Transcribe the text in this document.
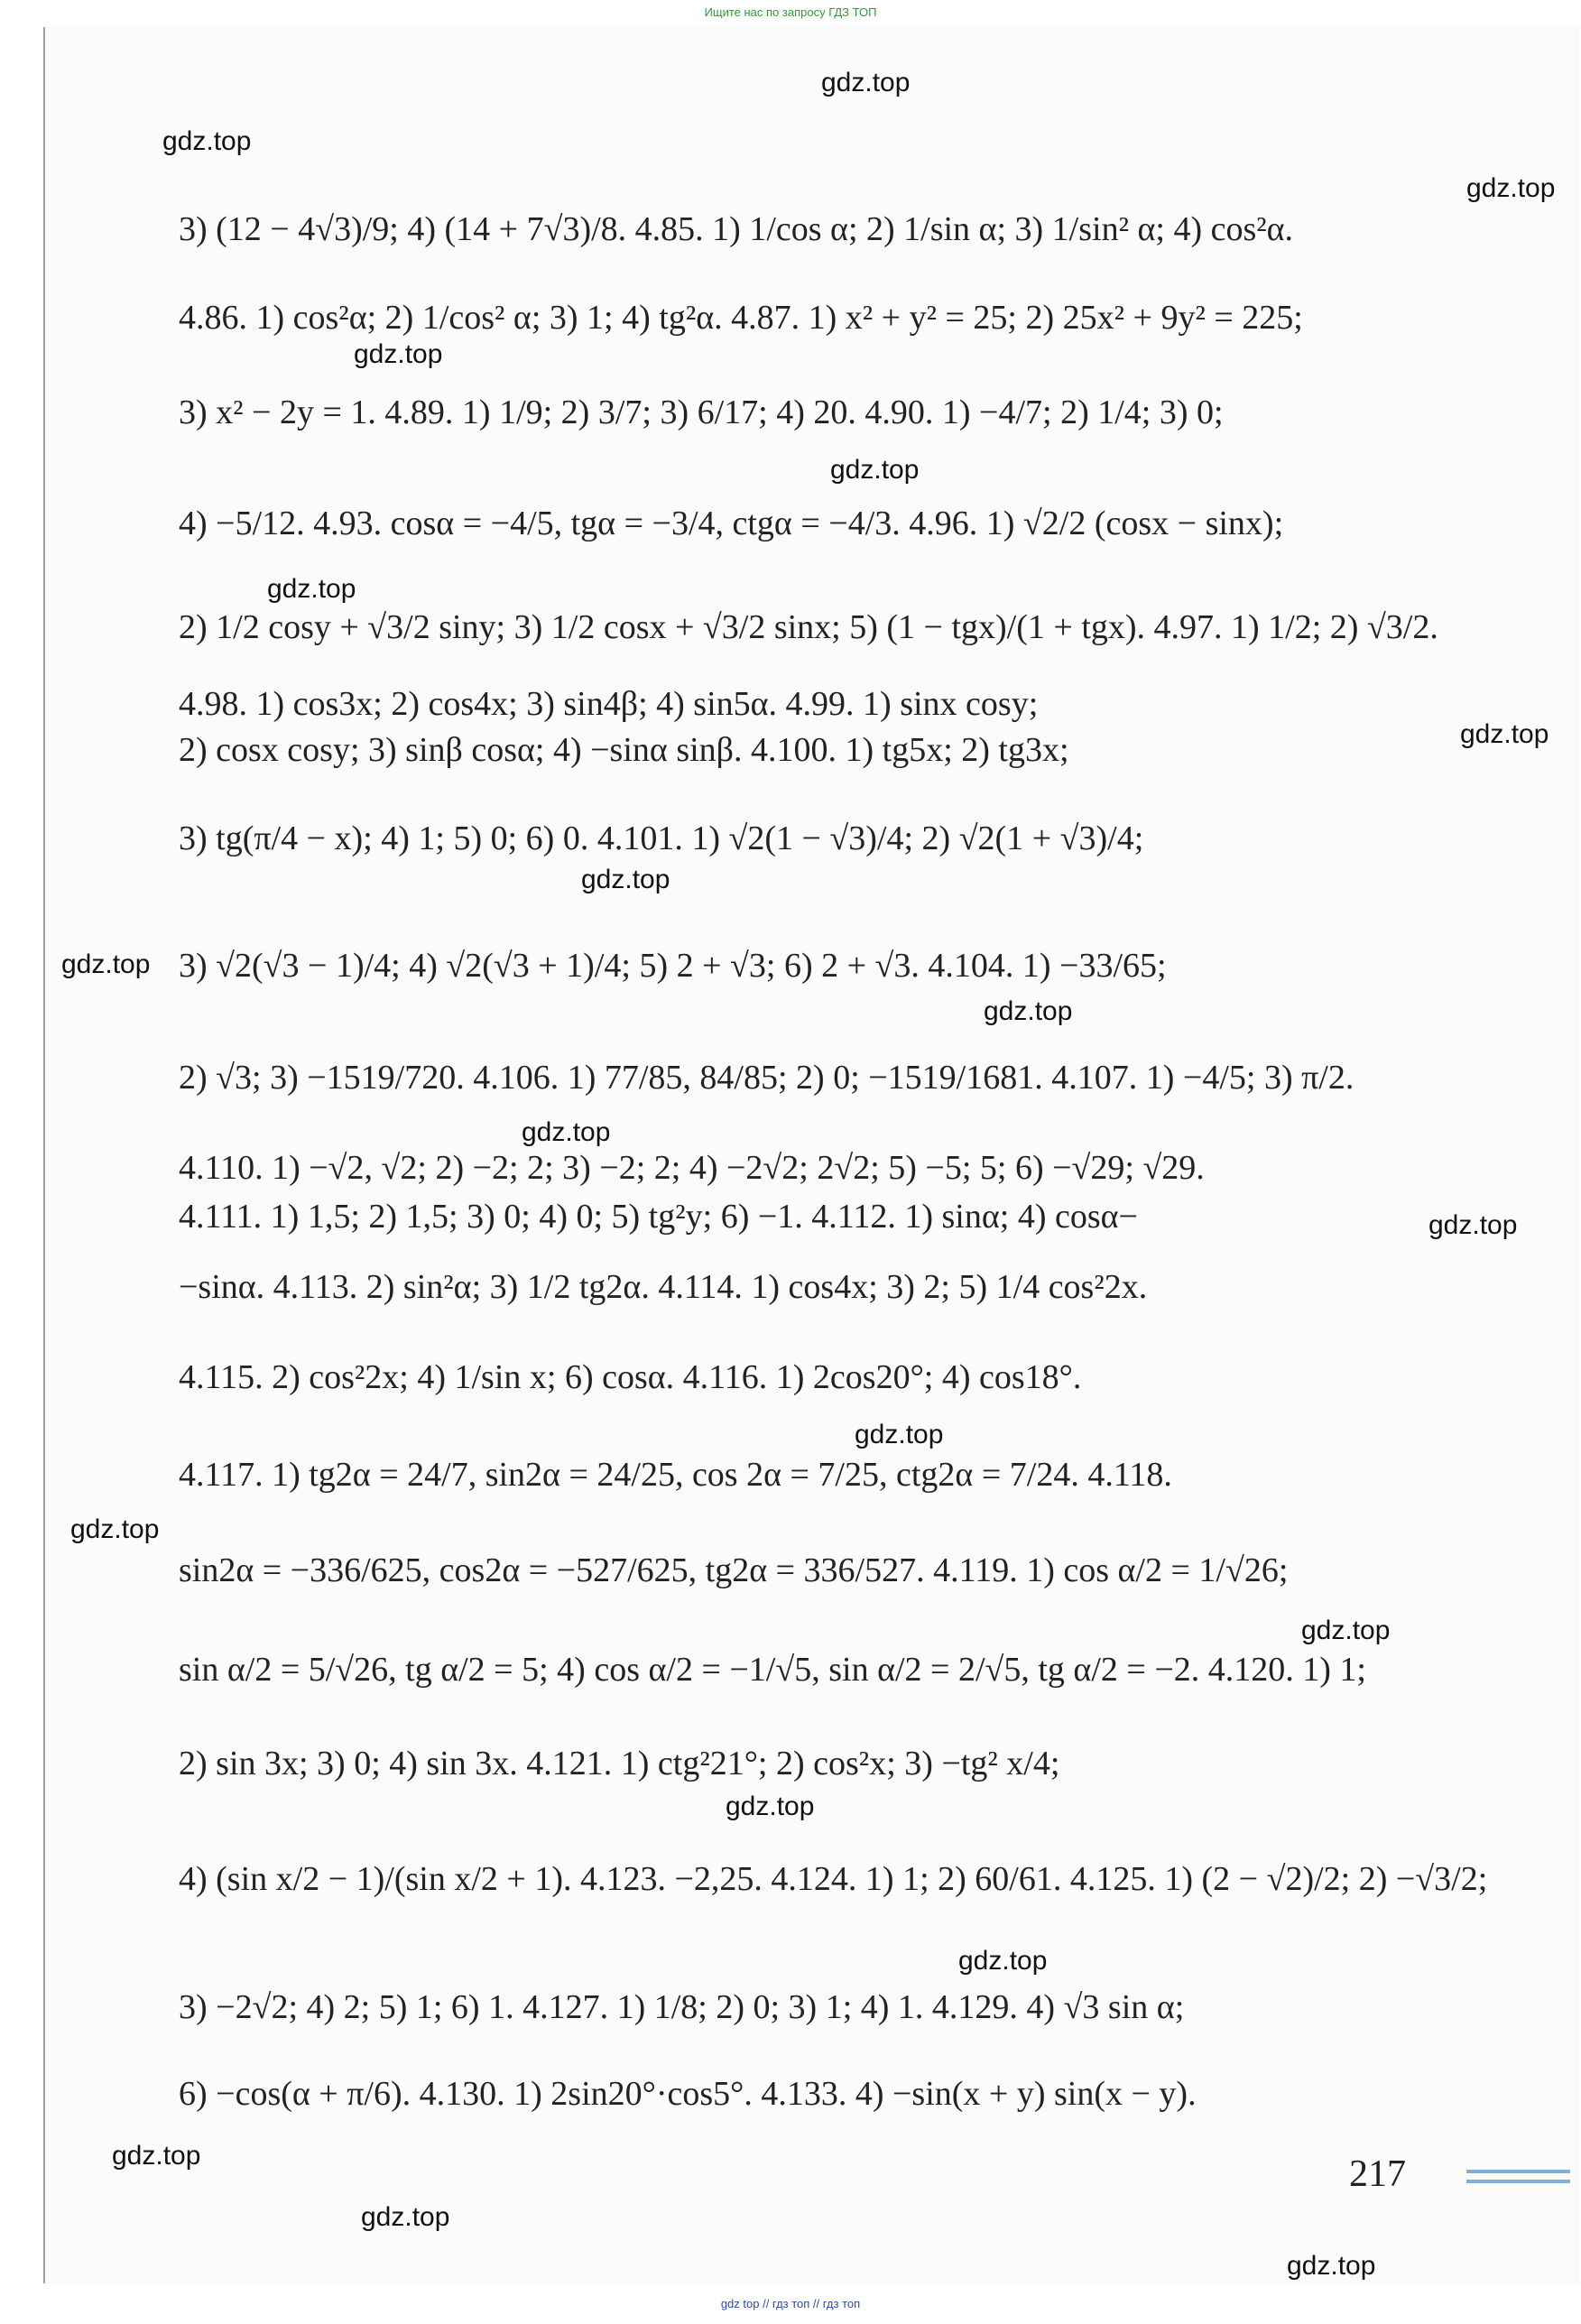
Ищите нас по запросу ГДЗ ТОП
gdz.top
gdz.top
gdz.top
gdz.top
gdz.top
gdz.top
gdz.top
gdz.top
gdz.top
gdz.top
gdz.top
gdz.top
gdz.top
gdz.top
gdz.top
gdz.top
gdz.top
gdz.top
gdz.top
gdz.top
3) (12 − 4√3)/9; 4) (14 + 7√3)/8. 4.85. 1) 1/cos α; 2) 1/sin α; 3) 1/sin² α; 4) cos²α.
4.86. 1) cos²α; 2) 1/cos² α; 3) 1; 4) tg²α. 4.87. 1) x² + y² = 25; 2) 25x² + 9y² = 225;
3) x² − 2y = 1. 4.89. 1) 1/9; 2) 3/7; 3) 6/17; 4) 20. 4.90. 1) −4/7; 2) 1/4; 3) 0;
4) −5/12. 4.93. cosα = −4/5, tgα = −3/4, ctgα = −4/3. 4.96. 1) √2/2 (cosx − sinx);
2) 1/2 cosy + √3/2 siny; 3) 1/2 cosx + √3/2 sinx; 5) (1 − tgx)/(1 + tgx). 4.97. 1) 1/2; 2) √3/2.
4.98. 1) cos3x; 2) cos4x; 3) sin4β; 4) sin5α. 4.99. 1) sinx cosy;
2) cosx cosy; 3) sinβ cosα; 4) −sinα sinβ. 4.100. 1) tg5x; 2) tg3x;
3) tg(π/4 − x); 4) 1; 5) 0; 6) 0. 4.101. 1) √2(1 − √3)/4; 2) √2(1 + √3)/4;
3) √2(√3 − 1)/4; 4) √2(√3 + 1)/4; 5) 2 + √3; 6) 2 + √3. 4.104. 1) −33/65;
2) √3; 3) −1519/720. 4.106. 1) 77/85, 84/85; 2) 0; −1519/1681. 4.107. 1) −4/5; 3) π/2.
4.110. 1) −√2, √2; 2) −2; 2; 3) −2; 2; 4) −2√2; 2√2; 5) −5; 5; 6) −√29; √29.
4.111. 1) 1,5; 2) 1,5; 3) 0; 4) 0; 5) tg²y; 6) −1. 4.112. 1) sinα; 4) cosα−
−sinα. 4.113. 2) sin²α; 3) 1/2 tg2α. 4.114. 1) cos4x; 3) 2; 5) 1/4 cos²2x.
4.115. 2) cos²2x; 4) 1/sin x; 6) cosα. 4.116. 1) 2cos20°; 4) cos18°.
4.117. 1) tg2α = 24/7, sin2α = 24/25, cos 2α = 7/25, ctg2α = 7/24. 4.118.
sin2α = −336/625, cos2α = −527/625, tg2α = 336/527. 4.119. 1) cos α/2 = 1/√26;
sin α/2 = 5/√26, tg α/2 = 5; 4) cos α/2 = −1/√5, sin α/2 = 2/√5, tg α/2 = −2. 4.120. 1) 1;
2) sin 3x; 3) 0; 4) sin 3x. 4.121. 1) ctg²21°; 2) cos²x; 3) −tg² x/4;
4) (sin x/2 − 1)/(sin x/2 + 1). 4.123. −2,25. 4.124. 1) 1; 2) 60/61. 4.125. 1) (2 − √2)/2; 2) −√3/2;
3) −2√2; 4) 2; 5) 1; 6) 1. 4.127. 1) 1/8; 2) 0; 3) 1; 4) 1. 4.129. 4) √3 sin α;
6) −cos(α + π/6). 4.130. 1) 2sin20°·cos5°. 4.133. 4) −sin(x + y) sin(x − y).
217
gdz top // гдз топ // гдз топ
